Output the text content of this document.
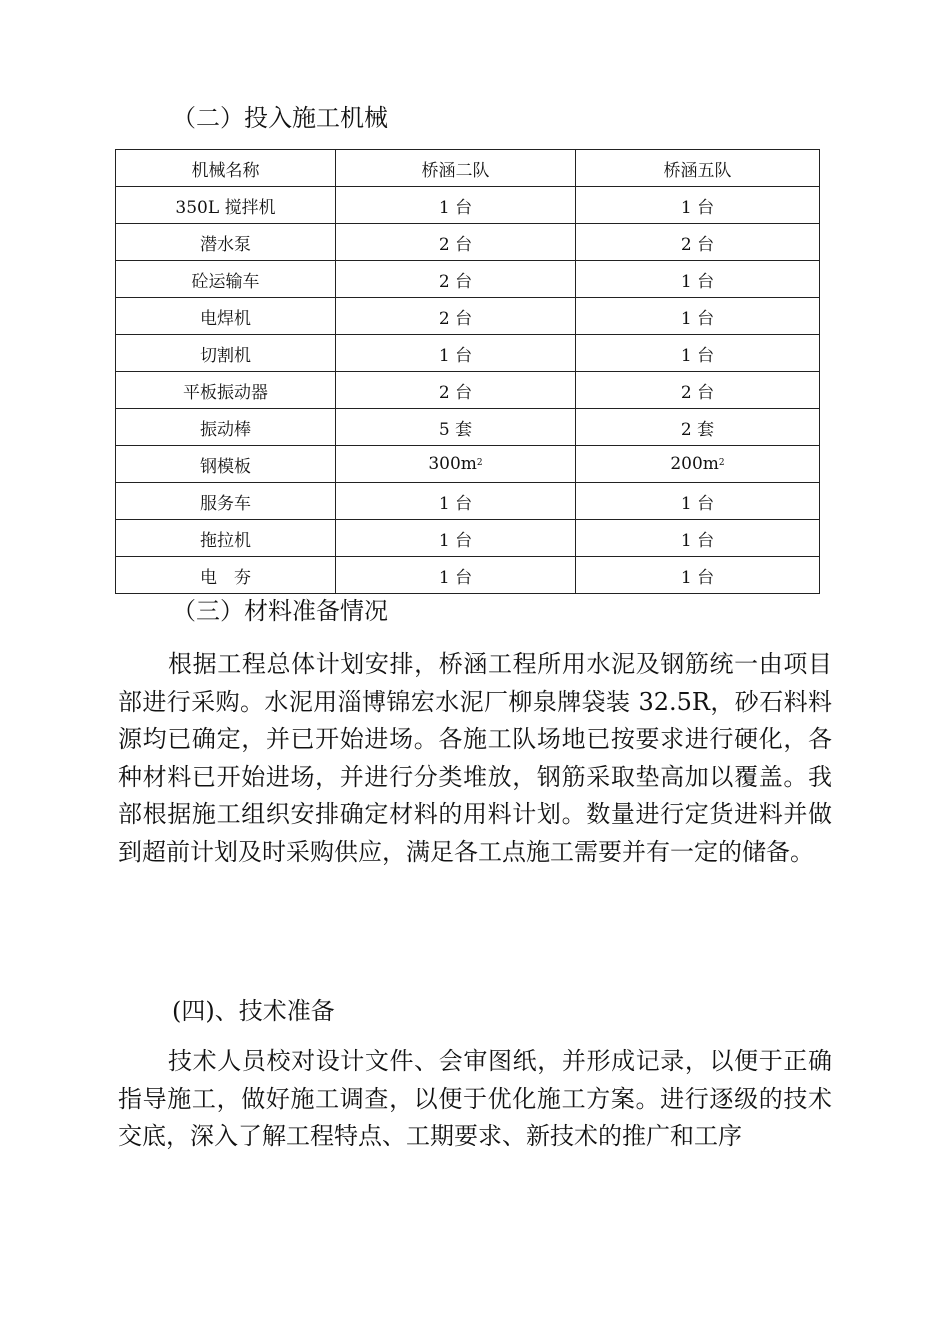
（二）投入施工机械
机械名称	桥涵二队	桥涵五队
350L 搅拌机	1 台	1 台
潜水泵	2 台	2 台
砼运输车	2 台	1 台
电焊机	2 台	1 台
切割机	1 台	1 台
平板振动器	2 台	2 台
振动棒	5 套	2 套
钢模板	$300m^2$	$200m^2$
服务车	1 台	1 台
拖拉机	1 台	1 台
电　夯	1 台	1 台
（三）材料准备情况

根据工程总体计划安排，桥涵工程所用水泥及钢筋统一由项目部进行采购。水泥用淄博锦宏水泥厂柳泉牌袋装 32.5R，砂石料料源均已确定，并已开始进场。各施工队场地已按要求进行硬化，各种材料已开始进场，并进行分类堆放，钢筋采取垫高加以覆盖。我部根据施工组织安排确定材料的用料计划。数量进行定货进料并做到超前计划及时采购供应，满足各工点施工需要并有一定的储备。

(四)、技术准备

技术人员校对设计文件、会审图纸，并形成记录，以便于正确指导施工，做好施工调查，以便于优化施工方案。进行逐级的技术交底，深入了解工程特点、工期要求、新技术的推广和工序
